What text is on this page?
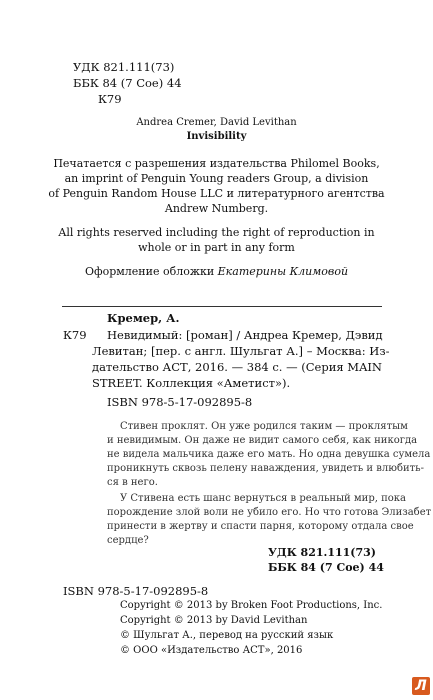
УДК 821.111(73)
ББК 84 (7 Сое) 44
К79
Andrea Cremer, David Levithan
Invisibility
Печатается с разрешения издательства Philomel Books,
an imprint of Penguin Young readers Group, a division
of Penguin Random House LLC и литературного агентства
Andrew Numberg.
All rights reserved including the right of reproduction in
whole or in part in any form
Оформление обложки Екатерины Климовой
Кремер, А.
К79 Невидимый: [роман] / Андреа Кремер, Дэвид
Левитан; [пер. с англ. Шульгат А.] – Москва: Из-
дательство АСТ, 2016. — 384 с. — (Серия MAIN
STREET. Коллекция «Аметист»).
ISBN 978-5-17-092895-8
Стивен проклят. Он уже родился таким — проклятым
и невидимым. Он даже не видит самого себя, как никогда
не видела мальчика даже его мать. Но одна девушка сумела
проникнуть сквозь пелену наваждения, увидеть и влюбить-
ся в него.
У Стивена есть шанс вернуться в реальный мир, пока
порождение злой воли не убило его. Но что готова Элизабет
принести в жертву и спасти парня, которому отдала свое
сердце?
УДК 821.111(73)
ББК 84 (7 Сое) 44
ISBN 978-5-17-092895-8
Copyright © 2013 by Broken Foot Productions, Inc.
Copyright © 2013 by David Levithan
© Шульгат А., перевод на русский язык
© ООО «Издательство АСТ», 2016
Л
